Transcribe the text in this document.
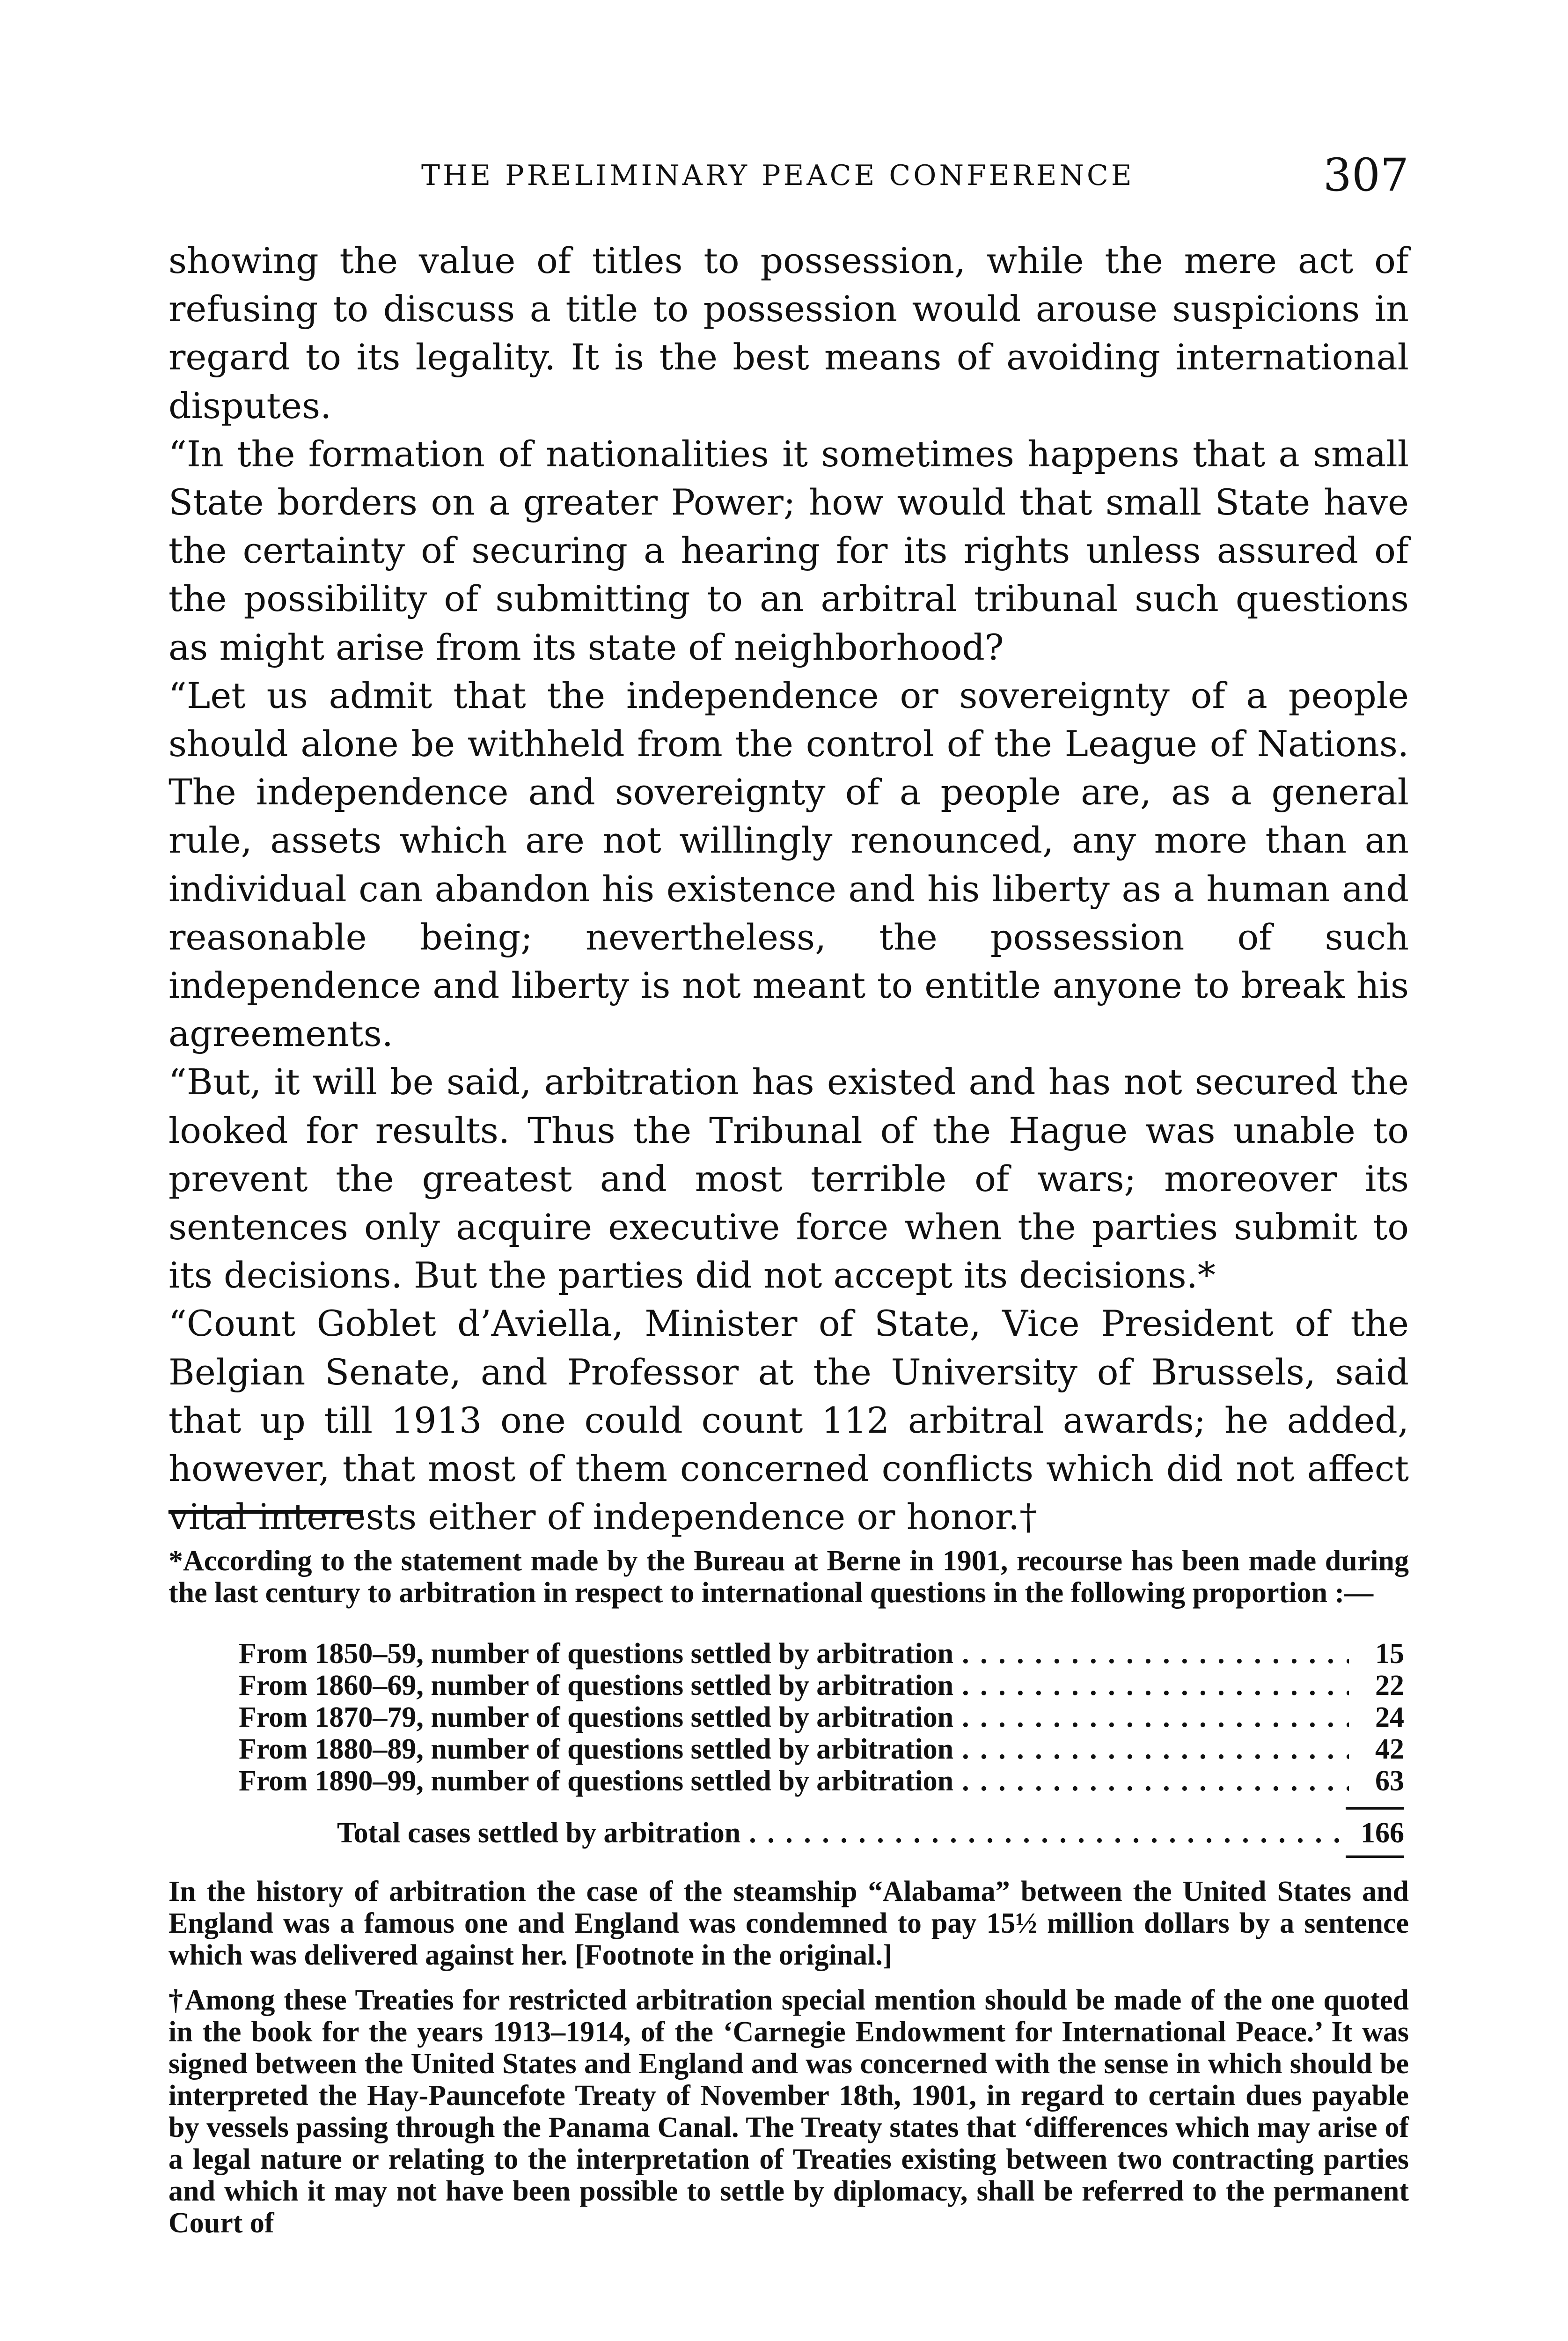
THE PRELIMINARY PEACE CONFERENCE	307

showing the value of titles to possession, while the mere act of refusing to discuss a title to possession would arouse suspicions in regard to its legality. It is the best means of avoiding international disputes.

“In the formation of nationalities it sometimes happens that a small State borders on a greater Power; how would that small State have the certainty of securing a hearing for its rights unless assured of the possibility of submitting to an arbitral tribunal such questions as might arise from its state of neighborhood?

“Let us admit that the independence or sovereignty of a people should alone be withheld from the control of the League of Nations. The independence and sovereignty of a people are, as a general rule, assets which are not willingly renounced, any more than an individual can abandon his existence and his liberty as a human and reasonable being; nevertheless, the possession of such independence and liberty is not meant to entitle anyone to break his agreements.

“But, it will be said, arbitration has existed and has not secured the looked for results. Thus the Tribunal of the Hague was unable to prevent the greatest and most terrible of wars; moreover its sentences only acquire executive force when the parties submit to its decisions. But the parties did not accept its decisions.*

“Count Goblet d’Aviella, Minister of State, Vice President of the Belgian Senate, and Professor at the University of Brussels, said that up till 1913 one could count 112 arbitral awards; he added, however, that most of them concerned conflicts which did not affect vital interests either of independence or honor.†

*According to the statement made by the Bureau at Berne in 1901, recourse has been made during the last century to arbitration in respect to international questions in the following proportion :—

From 1850–59, number of questions settled by arbitration . . .	15
From 1860–69, number of questions settled by arbitration . . .	22
From 1870–79, number of questions settled by arbitration . . .	24
From 1880–89, number of questions settled by arbitration . . .	42
From 1890–99, number of questions settled by arbitration . . .	63
Total cases settled by arbitration . . .	166

In the history of arbitration the case of the steamship “Alabama” between the United States and England was a famous one and England was condemned to pay 15½ million dollars by a sentence which was delivered against her. [Footnote in the original.]

†Among these Treaties for restricted arbitration special mention should be made of the one quoted in the book for the years 1913–1914, of the ‘Carnegie Endowment for International Peace.’ It was signed between the United States and England and was concerned with the sense in which should be interpreted the Hay-Pauncefote Treaty of November 18th, 1901, in regard to certain dues payable by vessels passing through the Panama Canal. The Treaty states that ‘differences which may arise of a legal nature or relating to the interpretation of Treaties existing between two contracting parties and which it may not have been possible to settle by diplomacy, shall be referred to the permanent Court of
